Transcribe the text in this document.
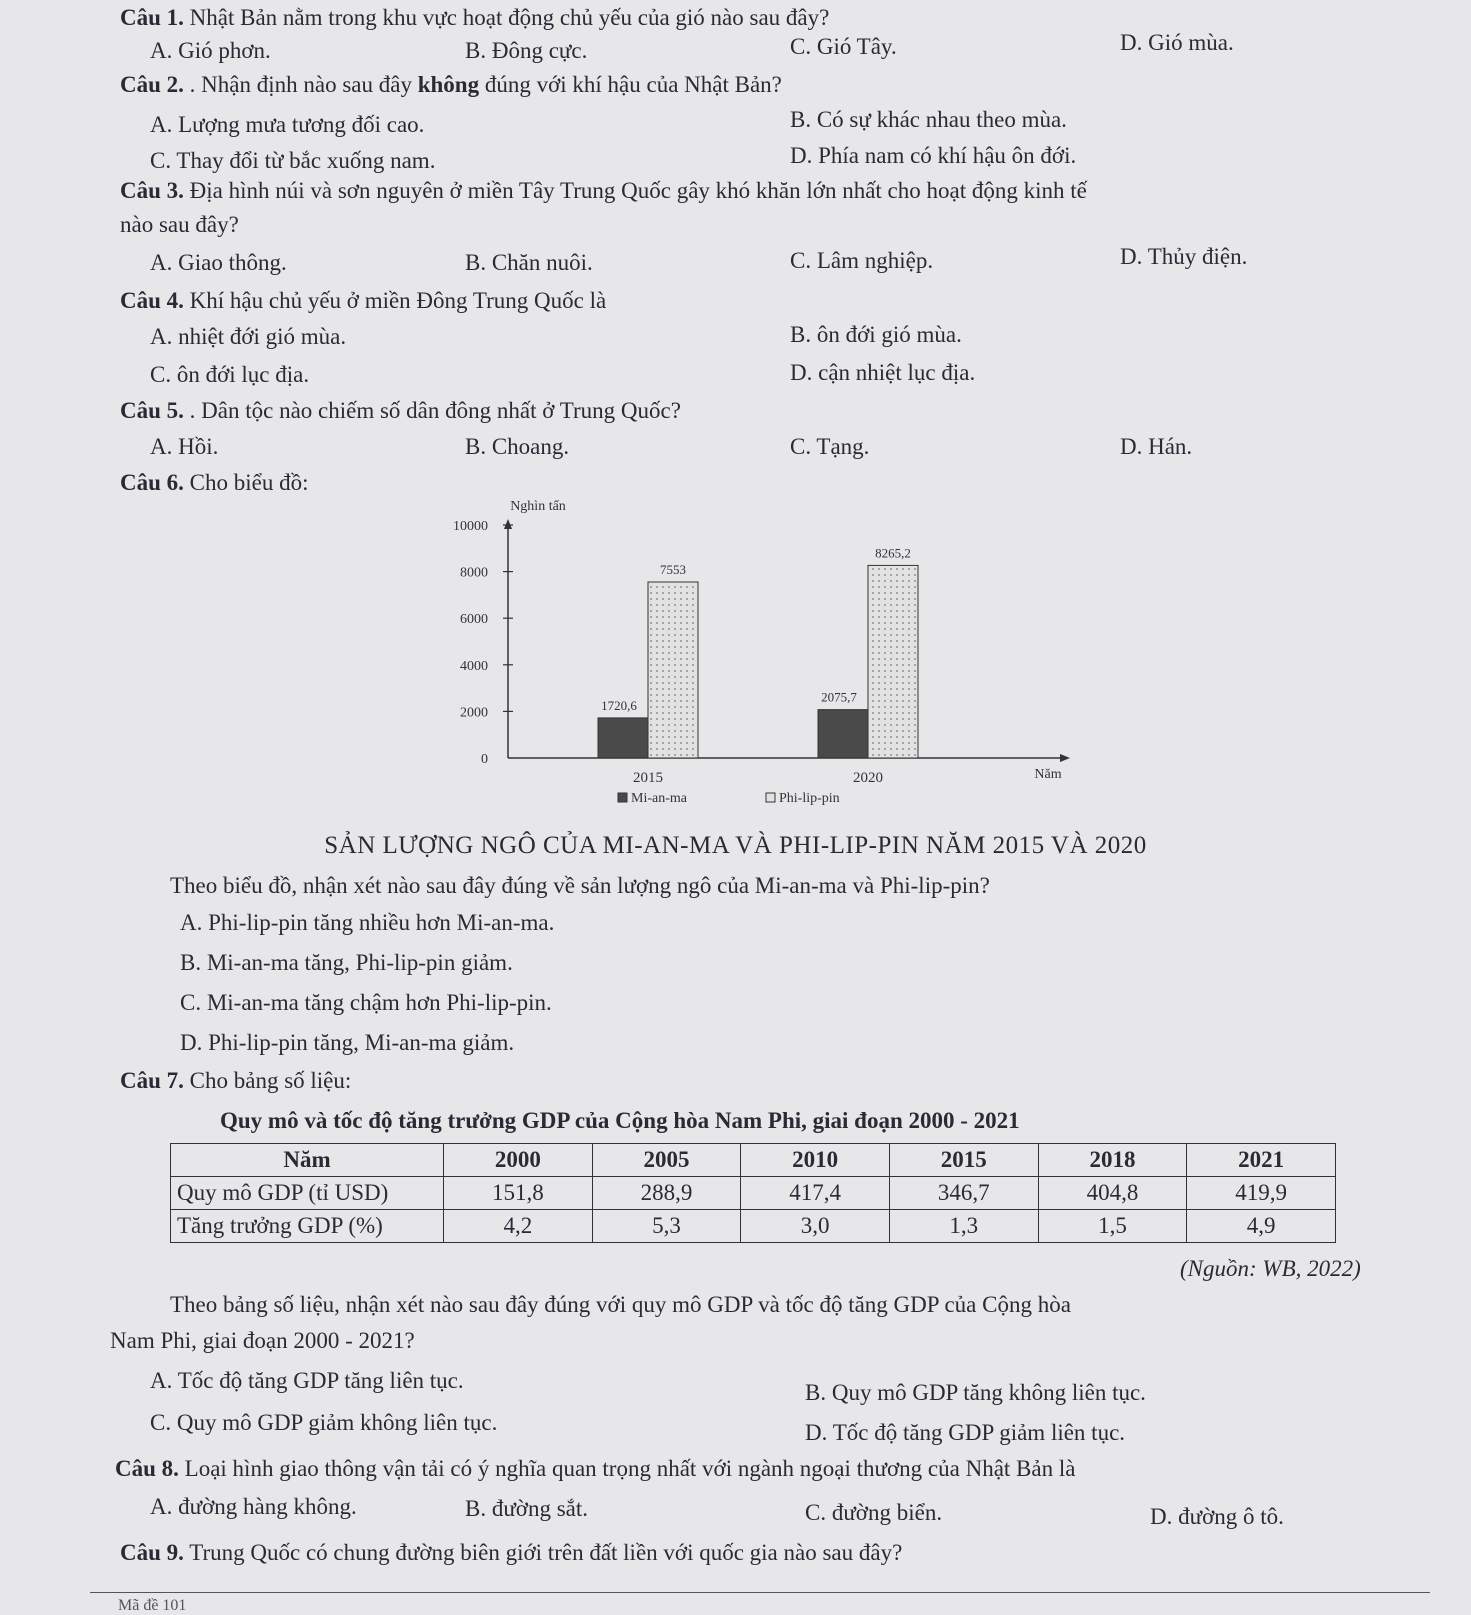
Câu 1. Nhật Bản nằm trong khu vực hoạt động chủ yếu của gió nào sau đây?
A. Gió phơn.	B. Đông cực.	C. Gió Tây.	D. Gió mùa.
Câu 2. . Nhận định nào sau đây không đúng với khí hậu của Nhật Bản?
A. Lượng mưa tương đối cao.	B. Có sự khác nhau theo mùa.
C. Thay đổi từ bắc xuống nam.	D. Phía nam có khí hậu ôn đới.
Câu 3. Địa hình núi và sơn nguyên ở miền Tây Trung Quốc gây khó khăn lớn nhất cho hoạt động kinh tế
nào sau đây?
A. Giao thông.	B. Chăn nuôi.	C. Lâm nghiệp.	D. Thủy điện.
Câu 4. Khí hậu chủ yếu ở miền Đông Trung Quốc là
A. nhiệt đới gió mùa.	B. ôn đới gió mùa.
C. ôn đới lục địa.	D. cận nhiệt lục địa.
Câu 5. . Dân tộc nào chiếm số dân đông nhất ở Trung Quốc?
A. Hồi.	B. Choang.	C. Tạng.	D. Hán.
Câu 6. Cho biểu đồ:
Nghìn tấn
Năm
0
2000
4000
6000
8000
10000
2015
1720,6
7553
2020
2075,7
8265,2
Mi-an-ma	Phi-lip-pin
SẢN LƯỢNG NGÔ CỦA MI-AN-MA VÀ PHI-LIP-PIN NĂM 2015 VÀ 2020
Theo biểu đồ, nhận xét nào sau đây đúng về sản lượng ngô của Mi-an-ma và Phi-lip-pin?
A. Phi-lip-pin tăng nhiều hơn Mi-an-ma.
B. Mi-an-ma tăng, Phi-lip-pin giảm.
C. Mi-an-ma tăng chậm hơn Phi-lip-pin.
D. Phi-lip-pin tăng, Mi-an-ma giảm.
Câu 7. Cho bảng số liệu:
Quy mô và tốc độ tăng trưởng GDP của Cộng hòa Nam Phi, giai đoạn 2000 - 2021
Năm	2000	2005	2010	2015	2018	2021
Quy mô GDP (tỉ USD)	151,8	288,9	417,4	346,7	404,8	419,9
Tăng trưởng GDP (%)	4,2	5,3	3,0	1,3	1,5	4,9
(Nguồn: WB, 2022)
Theo bảng số liệu, nhận xét nào sau đây đúng với quy mô GDP và tốc độ tăng GDP của Cộng hòa
Nam Phi, giai đoạn 2000 - 2021?
A. Tốc độ tăng GDP tăng liên tục.	B. Quy mô GDP tăng không liên tục.
C. Quy mô GDP giảm không liên tục.	D. Tốc độ tăng GDP giảm liên tục.
Câu 8. Loại hình giao thông vận tải có ý nghĩa quan trọng nhất với ngành ngoại thương của Nhật Bản là
A. đường hàng không.	B. đường sắt.	C. đường biển.	D. đường ô tô.
Câu 9. Trung Quốc có chung đường biên giới trên đất liền với quốc gia nào sau đây?
Mã đề 101
